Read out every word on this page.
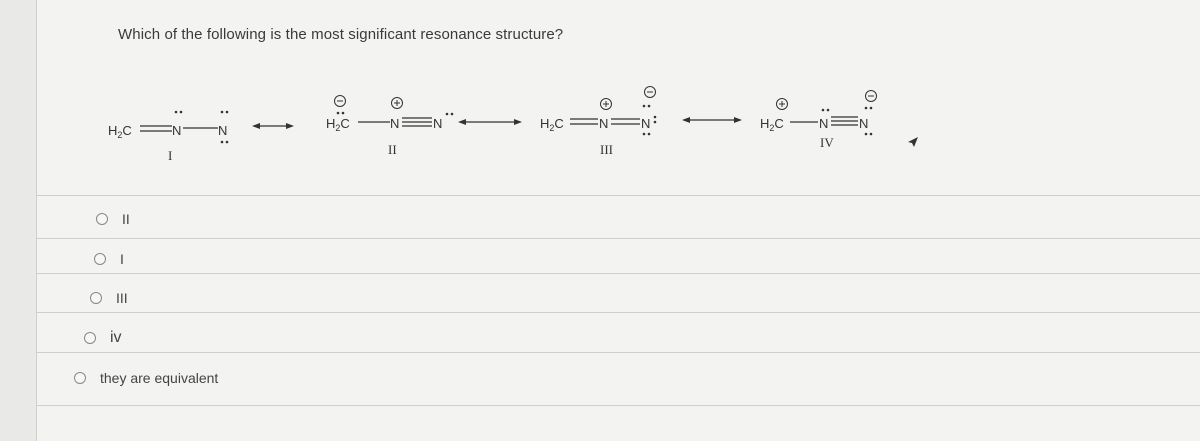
Which of the following is the most significant resonance structure?
$H_2C$	N	N
I
$H_2C$	N	N
II
$H_2C$	N	N
III
$H_2C$	N N
IV
II
I
III
iv
they are equivalent
